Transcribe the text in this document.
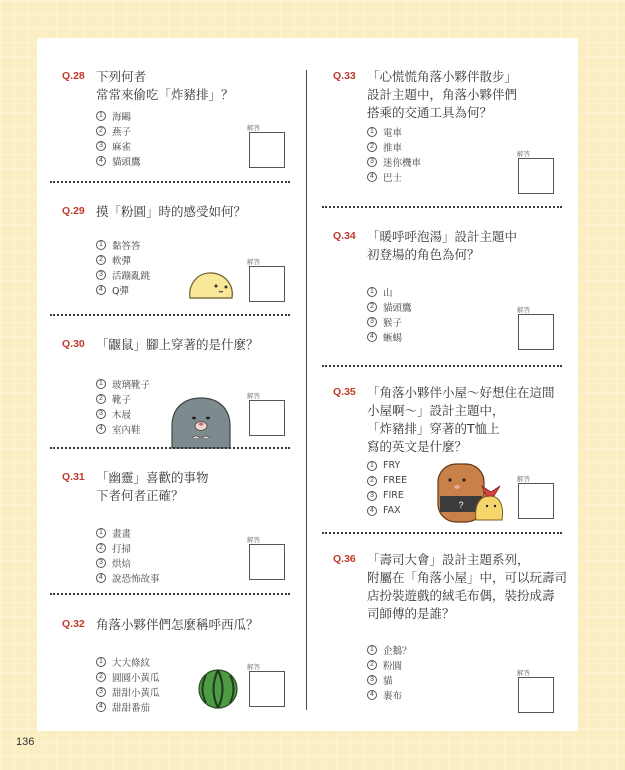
Q.28 下列何者
常常來偷吃「炸豬排」？

1 海鷗
2 燕子
3 麻雀
4 貓頭鷹
解答
Q.29 摸「粉圓」時的感受如何？

1 黏答答
2 軟彈
3 活蹦亂跳
4 Q彈
解答
Q.30 「鼴鼠」腳上穿著的是什麼？

1 玻璃靴子
2 靴子
3 木屐
4 室內鞋
解答
Q.31 「幽靈」喜歡的事物
下者何者正確？

1 畫畫
2 打掃
3 烘焙
4 說恐怖故事
解答
Q.32 角落小夥伴們怎麼稱呼西瓜？

1 大大條紋
2 圓圓小黃瓜
3 甜甜小黃瓜
4 甜甜番茄
解答
Q.33 「心慌慌角落小夥伴散步」
設計主題中，角落小夥伴們
搭乘的交通工具為何？

1 電車
2 推車
3 迷你機車
4 巴士
解答
Q.34 「暖呼呼泡湯」設計主題中
初登場的角色為何？

1 山
2 貓頭鷹
3 猴子
4 蜥蜴
解答
Q.35 「角落小夥伴小屋～好想住在這間
小屋啊～」設計主題中，
「炸豬排」穿著的T恤上
寫的英文是什麼？

1 FRY
2 FREE
3 FIRE
4 FAX	?
解答
Q.36 「壽司大會」設計主題系列，
附屬在「角落小屋」中，可以玩壽司
店扮裝遊戲的絨毛布偶，裝扮成壽
司師傅的是誰？

1 企鵝？
2 粉圓
3 貓
4 裹布
解答
136
